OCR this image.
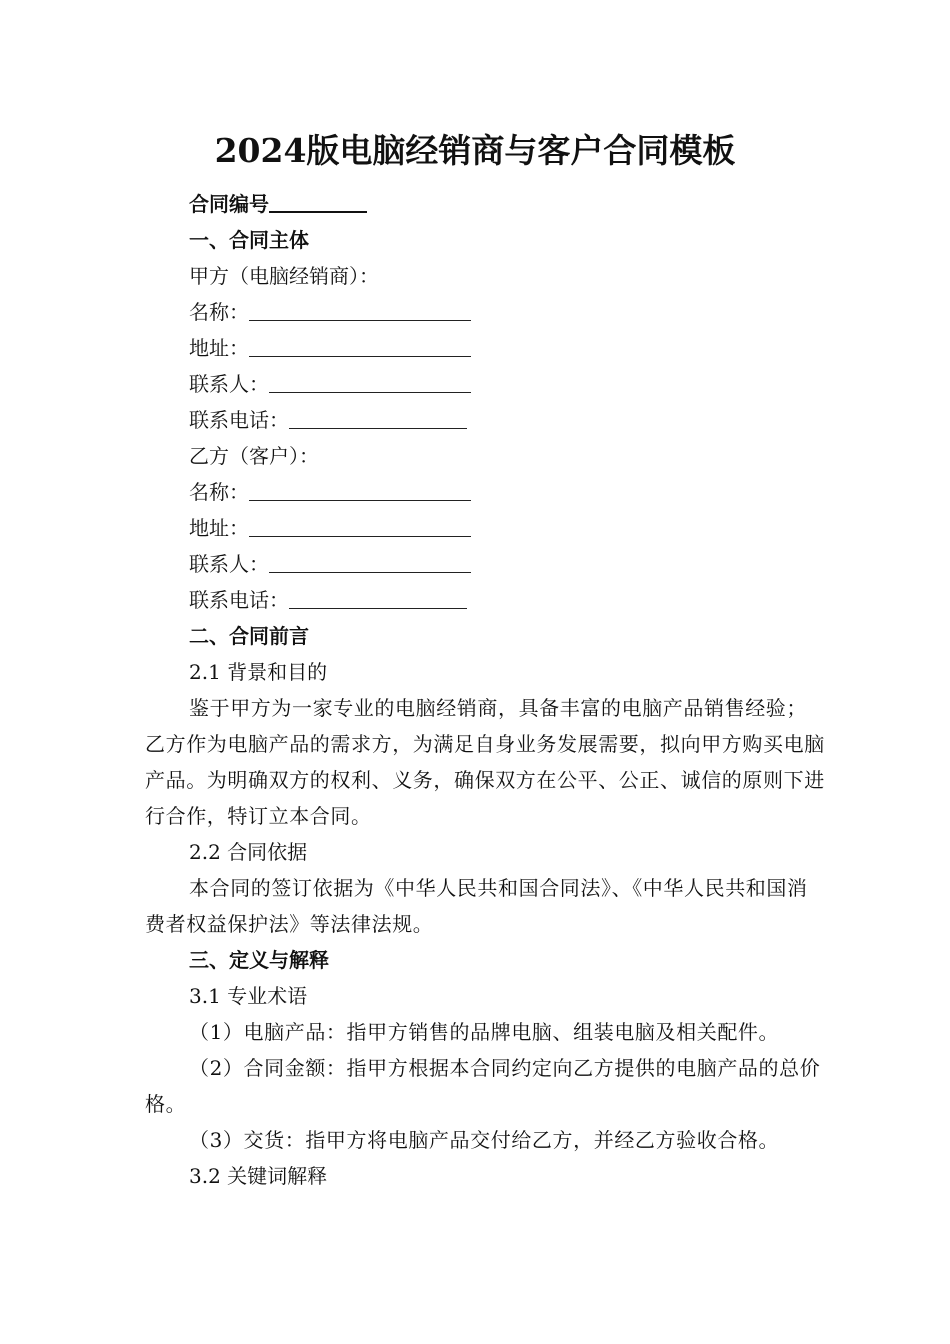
2024版电脑经销商与客户合同模板

合同编号

一、合同主体

甲方（电脑经销商）：

名称：

地址：

联系人：

联系电话：

乙方（客户）：

名称：

地址：

联系人：

联系电话：

二、合同前言

2.1 背景和目的

鉴于甲方为一家专业的电脑经销商，具备丰富的电脑产品销售经验；乙方作为电脑产品的需求方，为满足自身业务发展需要，拟向甲方购买电脑产品。为明确双方的权利、义务，确保双方在公平、公正、诚信的原则下进行合作，特订立本合同。

2.2 合同依据

本合同的签订依据为《中华人民共和国合同法》、《中华人民共和国消费者权益保护法》等法律法规。

三、定义与解释

3.1 专业术语

（1）电脑产品：指甲方销售的品牌电脑、组装电脑及相关配件。

（2）合同金额：指甲方根据本合同约定向乙方提供的电脑产品的总价格。

（3）交货：指甲方将电脑产品交付给乙方，并经乙方验收合格。

3.2 关键词解释
